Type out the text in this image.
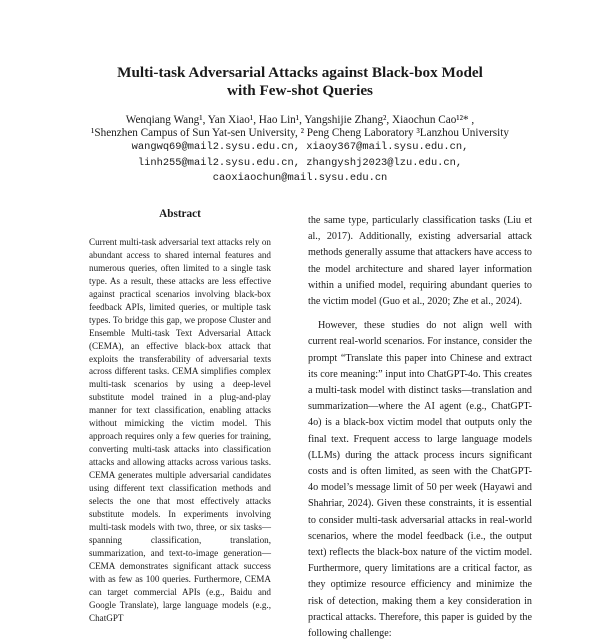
Multi-task Adversarial Attacks against Black-box Model
with Few-shot Queries
Wenqiang Wang¹, Yan Xiao¹, Hao Lin¹, Yangshijie Zhang², Xiaochun Cao¹²* ,
¹Shenzhen Campus of Sun Yat-sen University, ² Peng Cheng Laboratory ³Lanzhou University
wangwq69@mail2.sysu.edu.cn, xiaoy367@mail.sysu.edu.cn,
linh255@mail2.sysu.edu.cn, zhangyshj2023@lzu.edu.cn,
caoxiaochun@mail.sysu.edu.cn
Abstract

Current multi-task adversarial text attacks rely on abundant access to shared internal features and numerous queries, often limited to a single task type. As a result, these attacks are less effective against practical scenarios involving black-box feedback APIs, limited queries, or multiple task types. To bridge this gap, we propose Cluster and Ensemble Multi-task Text Adversarial Attack (CEMA), an effective black-box attack that exploits the transferability of adversarial texts across different tasks. CEMA simplifies complex multi-task scenarios by using a deep-level substitute model trained in a plug-and-play manner for text classification, enabling attacks without mimicking the victim model. This approach requires only a few queries for training, converting multi-task attacks into classification attacks and allowing attacks across various tasks. CEMA generates multiple adversarial candidates using different text classification methods and selects the one that most effectively attacks substitute models. In experiments involving multi-task models with two, three, or six tasks—spanning classification, translation, summarization, and text-to-image generation—CEMA demonstrates significant attack success with as few as 100 queries. Furthermore, CEMA can target commercial APIs (e.g., Baidu and Google Translate), large language models (e.g., ChatGPT

the same type, particularly classification tasks (Liu et al., 2017). Additionally, existing adversarial attack methods generally assume that attackers have access to the model architecture and shared layer information within a unified model, requiring abundant queries to the victim model (Guo et al., 2020; Zhe et al., 2024).

However, these studies do not align well with current real-world scenarios. For instance, consider the prompt “Translate this paper into Chinese and extract its core meaning:” input into ChatGPT-4o. This creates a multi-task model with distinct tasks—translation and summarization—where the AI agent (e.g., ChatGPT-4o) is a black-box victim model that outputs only the final text. Frequent access to large language models (LLMs) during the attack process incurs significant costs and is often limited, as seen with the ChatGPT-4o model’s message limit of 50 per week (Hayawi and Shahriar, 2024). Given these constraints, it is essential to consider multi-task adversarial attacks in real-world scenarios, where the model feedback (i.e., the output text) reflects the black-box nature of the victim model. Furthermore, query limitations are a critical factor, as they optimize resource efficiency and minimize the risk of detection, making them a key consideration in practical attacks. Therefore, this paper is guided by the following challenge:
